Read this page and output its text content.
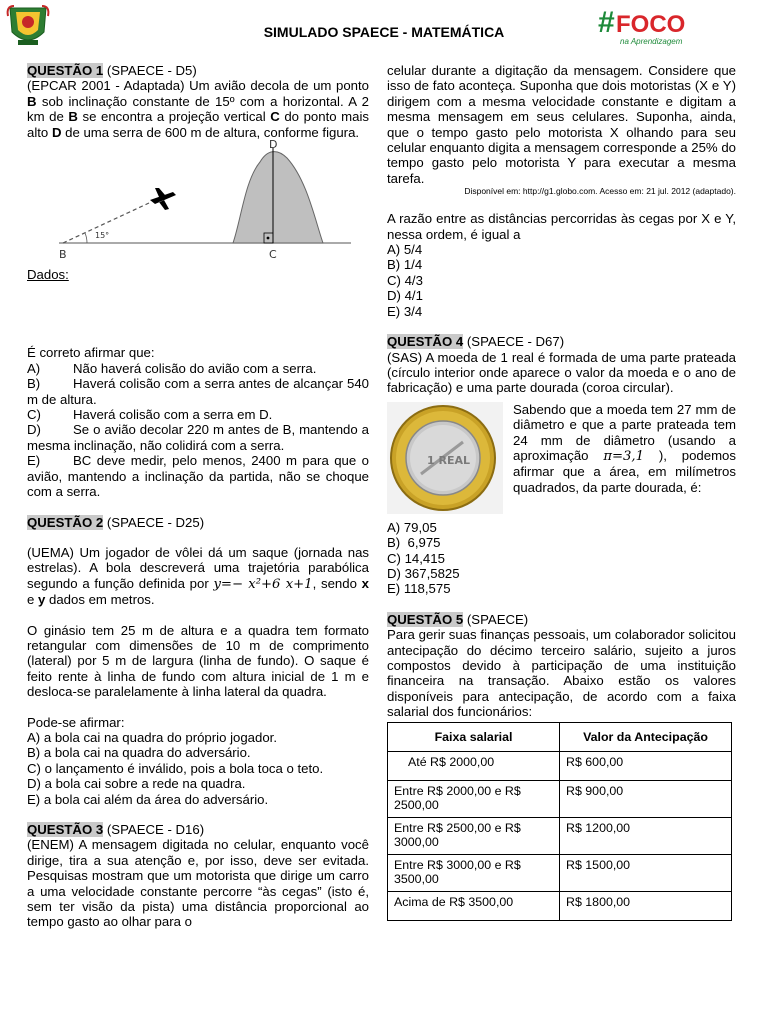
SIMULADO SPAECE - MATEMÁTICA	# FOCO
na Aprendizagem

QUESTÃO 1 (SPAECE - D5)

(EPCAR 2001 - Adaptada) Um avião decola de um ponto B sob inclinação constante de 15º com a horizontal. A 2 km de B se encontra a projeção vertical C do ponto mais alto D de uma serra de 600 m de altura, conforme figura.

15°
B	C
D

Dados:

É correto afirmar que:

A)	Não haverá colisão do avião com a serra.

B) Haverá colisão com a serra antes de alcançar 540 m de altura.

C)	Haverá colisão com a serra em D.

D) Se o avião decolar 220 m antes de B, mantendo a mesma inclinação, não colidirá com a serra.

E) BC deve medir, pelo menos, 2400 m para que o avião, mantendo a inclinação da partida, não se choque com a serra.

QUESTÃO 2 (SPAECE - D25)

(UEMA) Um jogador de vôlei dá um saque (jornada nas estrelas). A bola descreverá uma trajetória parabólica segundo a função definida por y=− x²+6 x+1, sendo x e y dados em metros.

O ginásio tem 25 m de altura e a quadra tem formato retangular com dimensões de 10 m de comprimento (lateral) por 5 m de largura (linha de fundo). O saque é feito rente à linha de fundo com altura inicial de 1 m e desloca-se paralelamente à linha lateral da quadra.

Pode-se afirmar:

A) a bola cai na quadra do próprio jogador.

B) a bola cai na quadra do adversário.

C) o lançamento é inválido, pois a bola toca o teto.

D) a bola cai sobre a rede na quadra.

E) a bola cai além da área do adversário.

QUESTÃO 3 (SPAECE - D16)

(ENEM) A mensagem digitada no celular, enquanto você dirige, tira a sua atenção e, por isso, deve ser evitada. Pesquisas mostram que um motorista que dirige um carro a uma velocidade constante percorre “às cegas” (isto é, sem ter visão da pista) uma distância proporcional ao tempo gasto ao olhar para o

celular durante a digitação da mensagem. Considere que isso de fato aconteça. Suponha que dois motoristas (X e Y) dirigem com a mesma velocidade constante e digitam a mesma mensagem em seus celulares. Suponha, ainda, que o tempo gasto pelo motorista X olhando para seu celular enquanto digita a mensagem corresponde a 25% do tempo gasto pelo motorista Y para executar a mesma tarefa.

Disponível em: http://g1.globo.com. Acesso em: 21 jul. 2012 (adaptado).

A razão entre as distâncias percorridas às cegas por X e Y, nessa ordem, é igual a

A) 5/4

B) 1/4

C) 4/3

D) 4/1

E) 3/4

QUESTÃO 4 (SPAECE - D67)

(SAS) A moeda de 1 real é formada de uma parte prateada (círculo interior onde aparece o valor da moeda e o ano de fabricação) e uma parte dourada (coroa circular).

1 REAL

Sabendo que a moeda tem 27 mm de diâmetro e que a parte prateada tem 24 mm de diâmetro (usando a aproximação π=3,1 ), podemos afirmar que a área, em milímetros quadrados, da parte dourada, é:

A) 79,05

B)  6,975

C) 14,415

D) 367,5825

E) 118,575

QUESTÃO 5 (SPAECE)

Para gerir suas finanças pessoais, um colaborador solicitou antecipação do décimo terceiro salário, sujeito a juros compostos devido à participação de uma instituição financeira na transação. Abaixo estão os valores disponíveis para antecipação, de acordo com a faixa salarial dos funcionários:

Faixa salarial	Valor da Antecipação
Até R$ 2000,00	R$ 600,00
Entre R$ 2000,00 e R$ 2500,00	R$ 900,00
Entre R$ 2500,00 e R$ 3000,00	R$ 1200,00
Entre R$ 3000,00 e R$ 3500,00	R$ 1500,00
Acima de R$ 3500,00	R$ 1800,00
